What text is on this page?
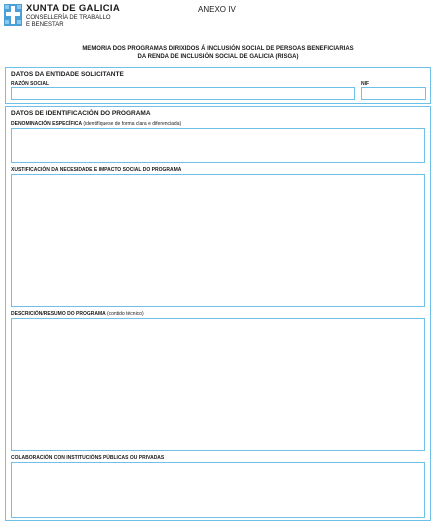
XUNTA DE GALICIA
CONSELLERÍA DE TRABALLO
E BENESTAR
ANEXO IV
MEMORIA DOS PROGRAMAS DIRIXIDOS Á INCLUSIÓN SOCIAL DE PERSOAS BENEFICIARIAS
DA RENDA DE INCLUSIÓN SOCIAL DE GALICIA (RISGA)
DATOS DA ENTIDADE SOLICITANTE
RAZÓN SOCIAL	NIF
DATOS DE IDENTIFICACIÓN DO PROGRAMA
DENOMINACIÓN ESPECÍFICA (identifíquese de forma clara e diferenciada)
XUSTIFICACIÓN DA NECESIDADE E IMPACTO SOCIAL DO PROGRAMA
DESCRICIÓN/RESUMO DO PROGRAMA (contido técnico)
COLABORACIÓN CON INSTITUCIÓNS PÚBLICAS OU PRIVADAS
